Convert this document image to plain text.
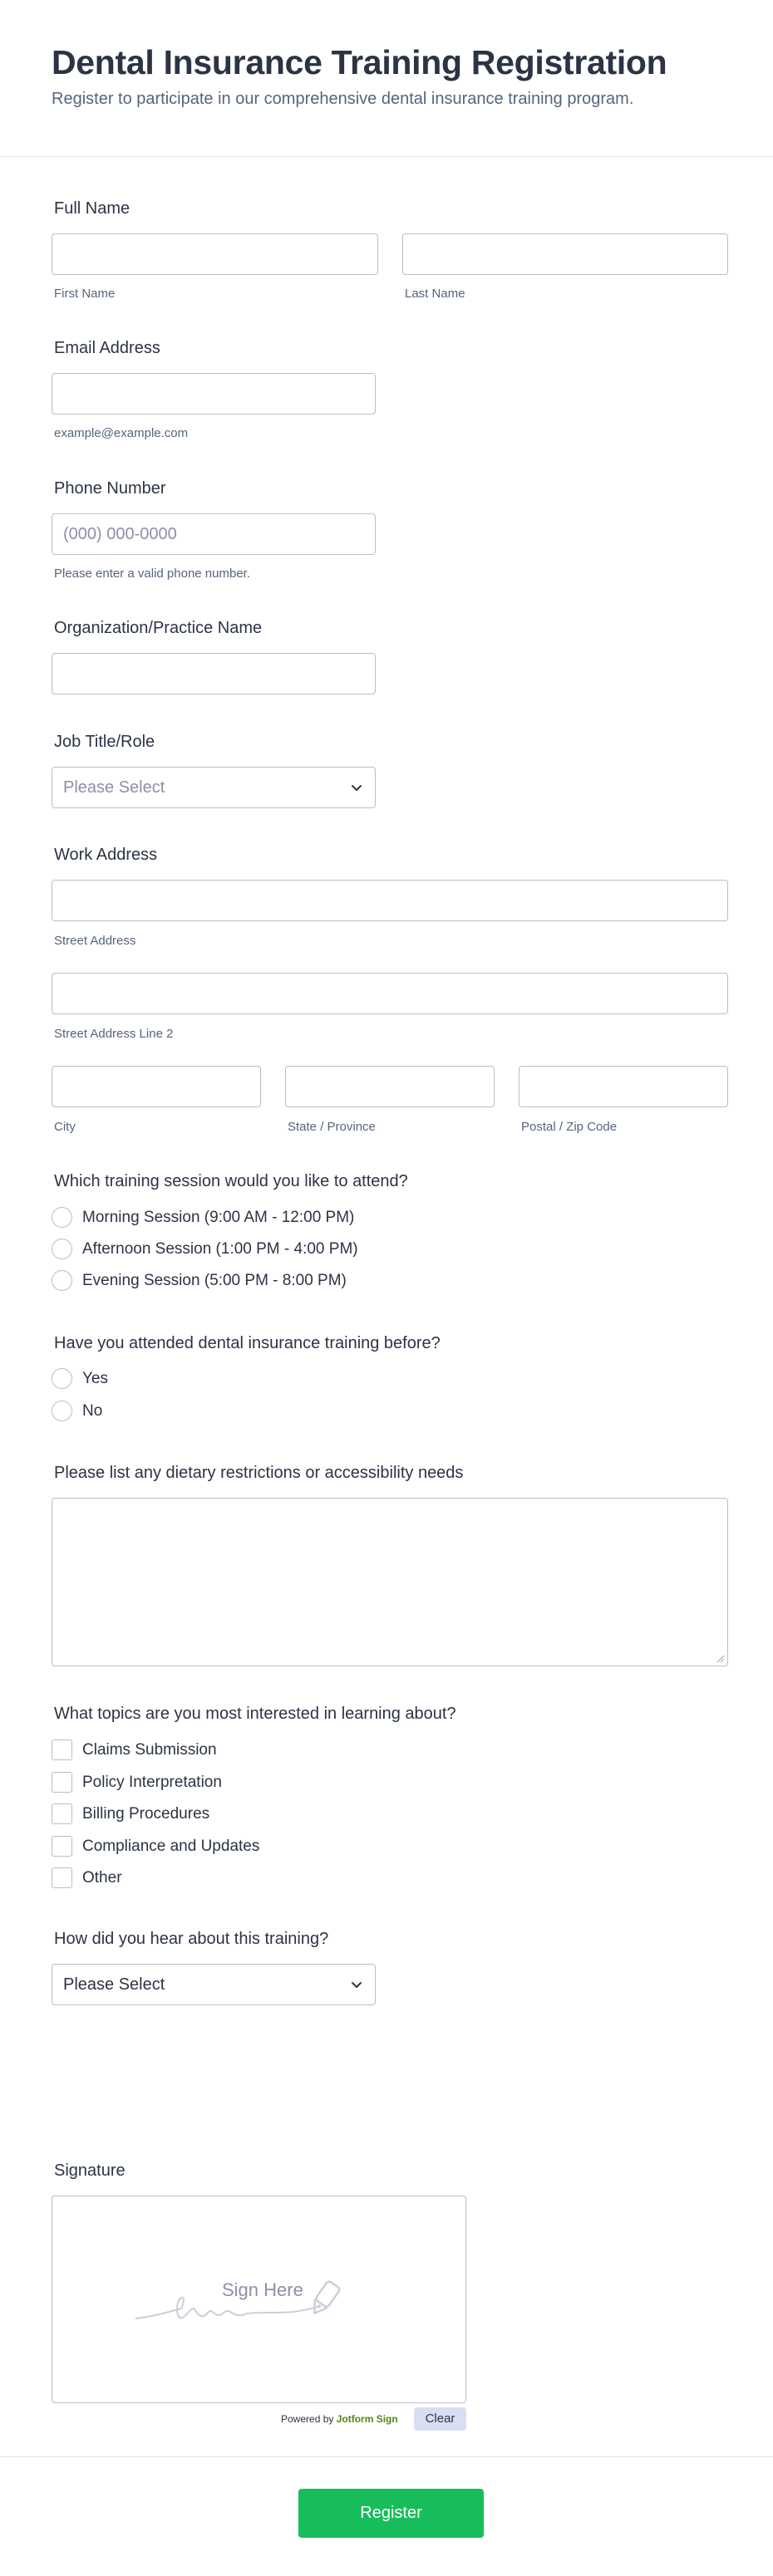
Dental Insurance Training Registration
Register to participate in our comprehensive dental insurance training program.
Full Name
First Name	Last Name
Email Address
example@example.com
Phone Number
(000) 000-0000
Please enter a valid phone number.
Organization/Practice Name
Job Title/Role
Please Select
Work Address
Street Address
Street Address Line 2
City	State / Province	Postal / Zip Code
Which training session would you like to attend?
Morning Session (9:00 AM - 12:00 PM)
Afternoon Session (1:00 PM - 4:00 PM)
Evening Session (5:00 PM - 8:00 PM)
Have you attended dental insurance training before?
Yes
No
Please list any dietary restrictions or accessibility needs
What topics are you most interested in learning about?
Claims Submission
Policy Interpretation
Billing Procedures
Compliance and Updates
Other
How did you hear about this training?
Please Select
Signature
Sign Here
Powered by Jotform Sign	Clear
Register
